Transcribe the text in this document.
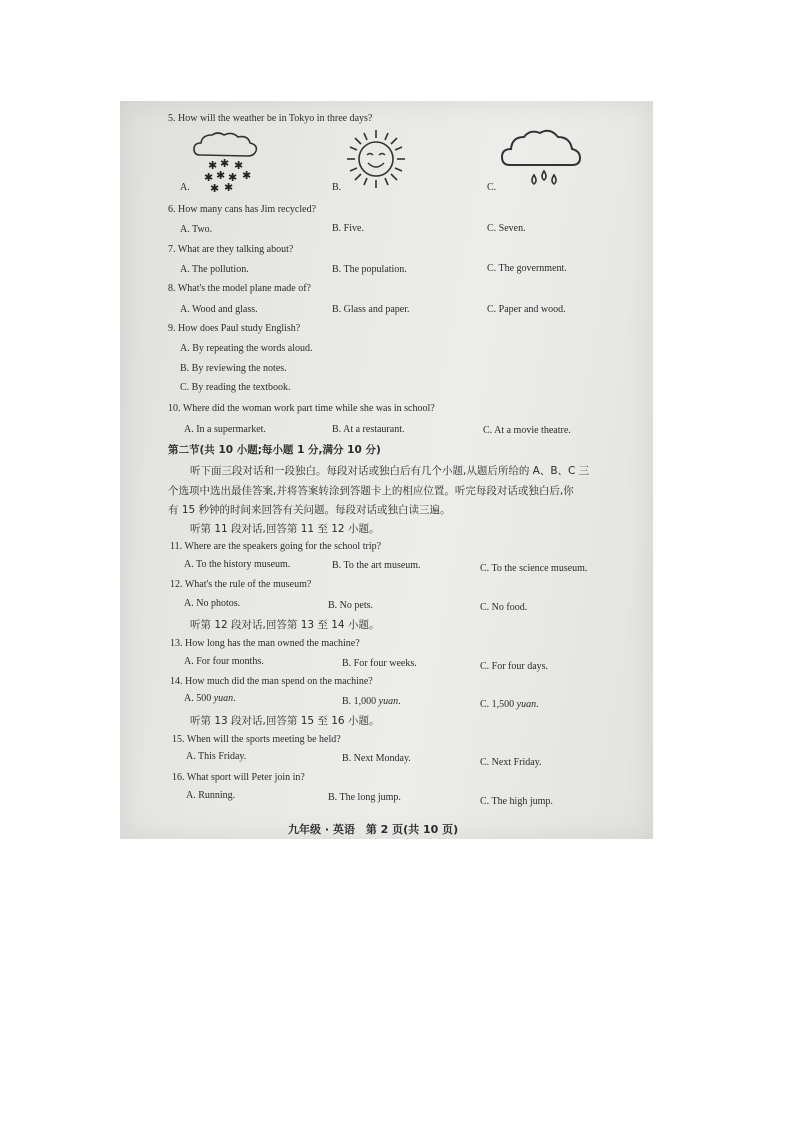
5. How will the weather be in Tokyo in three days?
✱ ✱ ✱
✱ ✱ ✱ ✱
✱ ✱
A.	B.	C.
6. How many cans has Jim recycled?
A. Two.	B. Five.	C. Seven.
7. What are they talking about?
A. The pollution.	B. The population.	C. The government.
8. What's the model plane made of?
A. Wood and glass.	B. Glass and paper.	C. Paper and wood.
9. How does Paul study English?
A. By repeating the words aloud.
B. By reviewing the notes.
C. By reading the textbook.
10. Where did the woman work part time while she was in school?
A. In a supermarket.	B. At a restaurant.	C. At a movie theatre.
第二节(共 10 小题;每小题 1 分,满分 10 分)
听下面三段对话和一段独白。每段对话或独白后有几个小题,从题后所给的 A、B、C 三
个选项中选出最佳答案,并将答案转涂到答题卡上的相应位置。听完每段对话或独白后,你
有 15 秒钟的时间来回答有关问题。每段对话或独白读三遍。
听第 11 段对话,回答第 11 至 12 小题。
11. Where are the speakers going for the school trip?
A. To the history museum.	B. To the art museum.	C. To the science museum.
12. What's the rule of the museum?
A. No photos.	B. No pets.	C. No food.
听第 12 段对话,回答第 13 至 14 小题。
13. How long has the man owned the machine?
A. For four months.	B. For four weeks.	C. For four days.
14. How much did the man spend on the machine?
A. 500 yuan.	B. 1,000 yuan.	C. 1,500 yuan.
听第 13 段对话,回答第 15 至 16 小题。
15. When will the sports meeting be held?
A. This Friday.	B. Next Monday.	C. Next Friday.
16. What sport will Peter join in?
A. Running.	B. The long jump.	C. The high jump.
九年级 · 英语　第 2 页(共 10 页)
